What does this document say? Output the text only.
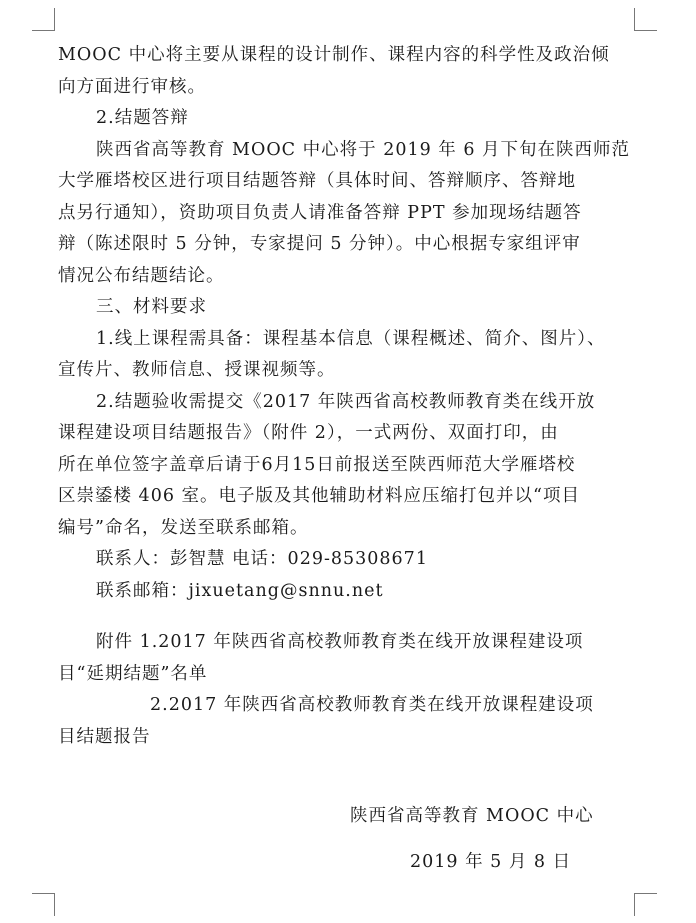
MOOC 中心将主要从课程的设计制作、课程内容的科学性及政治倾
向方面进行审核。
2.结题答辩
陕西省高等教育 MOOC 中心将于 2019 年 6 月下旬在陕西师范
大学雁塔校区进行项目结题答辩（具体时间、答辩顺序、答辩地
点另行通知），资助项目负责人请准备答辩 PPT 参加现场结题答
辩（陈述限时 5 分钟，专家提问 5 分钟）。中心根据专家组评审
情况公布结题结论。
三、材料要求
1.线上课程需具备：课程基本信息（课程概述、简介、图片）、
宣传片、教师信息、授课视频等。
2.结题验收需提交《2017 年陕西省高校教师教育类在线开放
课程建设项目结题报告》（附件 2），一式两份、双面打印，由
所在单位签字盖章后请于6月15日前报送至陕西师范大学雁塔校
区崇鋈楼 406 室。电子版及其他辅助材料应压缩打包并以“项目
编号”命名，发送至联系邮箱。
联系人：彭智慧 电话：029-85308671
联系邮箱：jixuetang@snnu.net
附件 1.2017 年陕西省高校教师教育类在线开放课程建设项
目“延期结题”名单
2.2017 年陕西省高校教师教育类在线开放课程建设项
目结题报告
陕西省高等教育 MOOC 中心
2019 年 5 月 8 日
